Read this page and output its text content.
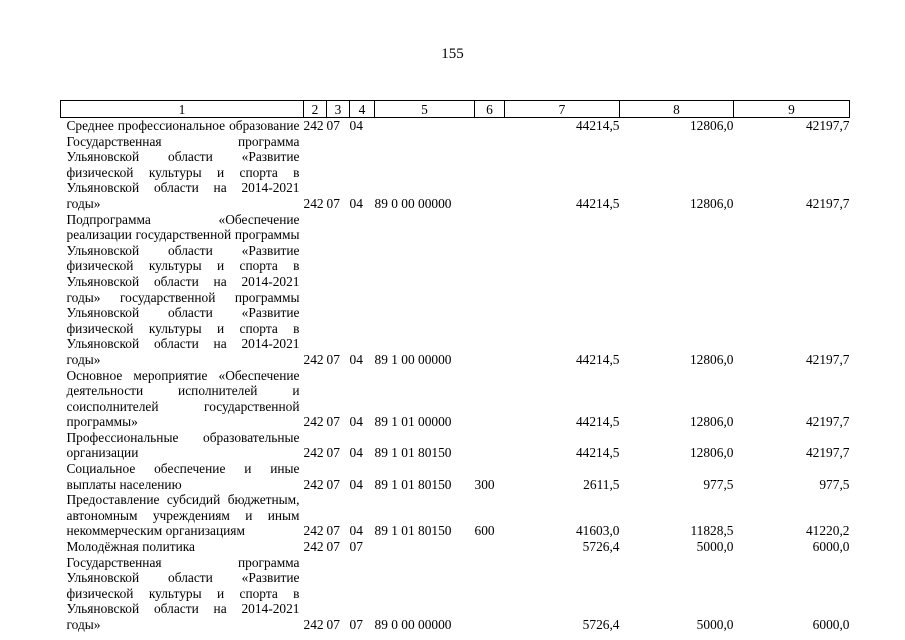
155
1	2	3	4	5	6	7	8	9
Среднее профессиональное образование	242	07	04			44214,5	12806,0	42197,7
Государственная программа Ульяновской области «Развитие физической культуры и спорта в Ульяновской области на 2014-2021 годы»	242	07	04	89 0 00 00000		44214,5	12806,0	42197,7
Подпрограмма «Обеспечение реализации государственной программы Ульяновской области «Развитие физической культуры и спорта в Ульяновской области на 2014-2021 годы» государственной программы Ульяновской области «Развитие физической культуры и спорта в Ульяновской области на 2014-2021 годы»	242	07	04	89 1 00 00000		44214,5	12806,0	42197,7
Основное мероприятие «Обеспечение деятельности исполнителей и соисполнителей государственной программы»	242	07	04	89 1 01 00000		44214,5	12806,0	42197,7
Профессиональные образовательные организации	242	07	04	89 1 01 80150		44214,5	12806,0	42197,7
Социальное обеспечение и иные выплаты населению	242	07	04	89 1 01 80150	300	2611,5	977,5	977,5
Предоставление субсидий бюджетным, автономным учреждениям и иным некоммерческим организациям	242	07	04	89 1 01 80150	600	41603,0	11828,5	41220,2
Молодёжная политика	242	07	07			5726,4	5000,0	6000,0
Государственная программа Ульяновской области «Развитие физической культуры и спорта в Ульяновской области на 2014-2021 годы»	242	07	07	89 0 00 00000		5726,4	5000,0	6000,0
